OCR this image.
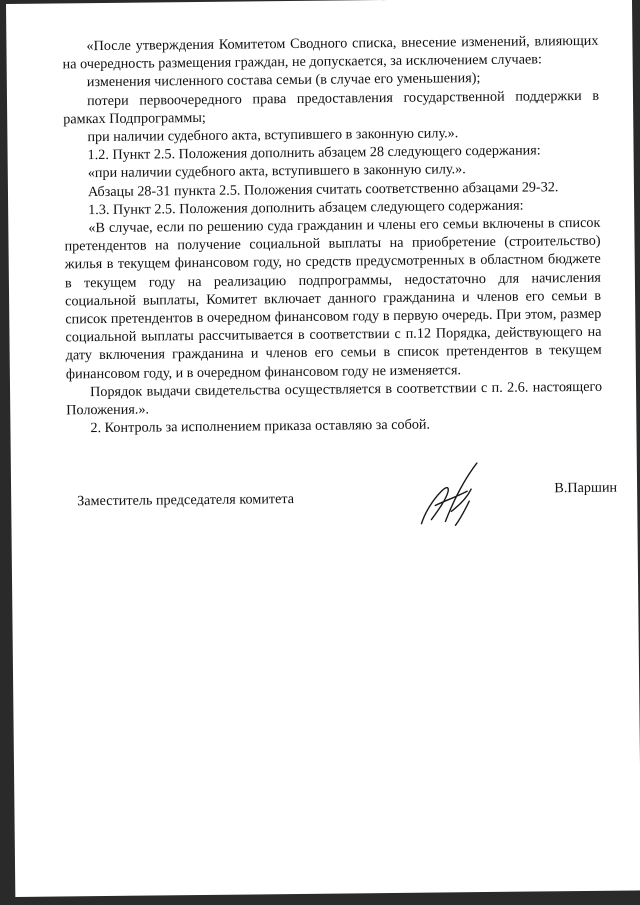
«После утверждения Комитетом Сводного списка, внесение изменений, влияющих на очередность размещения граждан, не допускается, за исключением случаев:

изменения численного состава семьи (в случае его уменьшения);

потери первоочередного права предоставления государственной поддержки в рамках Подпрограммы;

при наличии судебного акта, вступившего в законную силу.».

1.2. Пункт 2.5. Положения дополнить абзацем 28 следующего содержания:

«при наличии судебного акта, вступившего в законную силу.».

Абзацы 28-31 пункта 2.5. Положения считать соответственно абзацами 29-32.

1.3. Пункт 2.5. Положения дополнить абзацем следующего содержания:

«В случае, если по решению суда гражданин и члены его семьи включены в список претендентов на получение социальной выплаты на приобретение (строительство) жилья в текущем финансовом году, но средств предусмотренных в областном бюджете в текущем году на реализацию подпрограммы, недостаточно для начисления социальной выплаты, Комитет включает данного гражданина и членов его семьи в список претендентов в очередном финансовом году в первую очередь. При этом, размер социальной выплаты рассчитывается в соответствии с п.12 Порядка, действующего на дату включения гражданина и членов его семьи в список претендентов в текущем финансовом году, и в очередном финансовом году не изменяется.

Порядок выдачи свидетельства осуществляется в соответствии с п. 2.6. настоящего Положения.».

2. Контроль за исполнением приказа оставляю за собой.

Заместитель председателя комитета
В.Паршин
